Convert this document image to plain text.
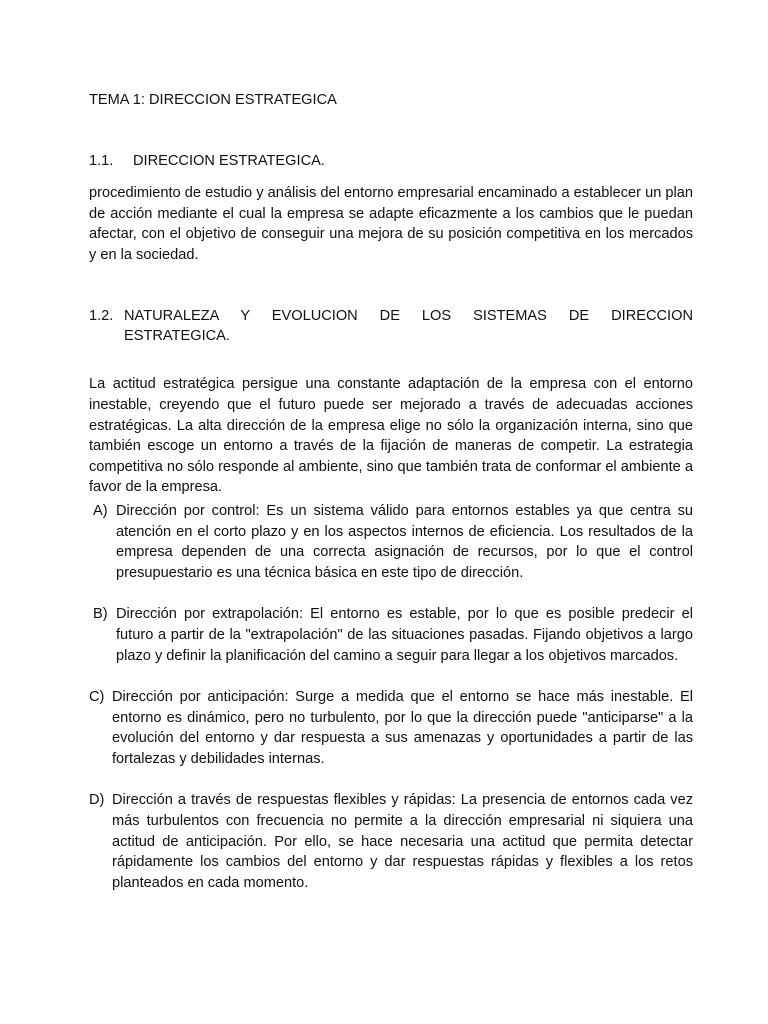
TEMA 1: DIRECCION ESTRATEGICA
1.1.	DIRECCION ESTRATEGICA.

procedimiento de estudio y análisis del entorno empresarial encaminado a establecer un plan de acción mediante el cual la empresa se adapte eficazmente a los cambios que le puedan afectar, con el objetivo de conseguir una mejora de su posición competitiva en los mercados y en la sociedad.

1.2. NATURALEZA Y EVOLUCION DE LOS SISTEMAS DE DIRECCION
ESTRATEGICA.

La actitud estratégica persigue una constante adaptación de la empresa con el entorno inestable, creyendo que el futuro puede ser mejorado a través de adecuadas acciones estratégicas. La alta dirección de la empresa elige no sólo la organización interna, sino que también escoge un entorno a través de la fijación de maneras de competir. La estrategia competitiva no sólo responde al ambiente, sino que también trata de conformar el ambiente a favor de la empresa.

A) Dirección por control: Es un sistema válido para entornos estables ya que centra su atención en el corto plazo y en los aspectos internos de eficiencia. Los resultados de la empresa dependen de una correcta asignación de recursos, por lo que el control presupuestario es una técnica básica en este tipo de dirección.
B) Dirección por extrapolación: El entorno es estable, por lo que es posible predecir el futuro a partir de la "extrapolación" de las situaciones pasadas. Fijando objetivos a largo plazo y definir la planificación del camino a seguir para llegar a los objetivos marcados.
C) Dirección por anticipación: Surge a medida que el entorno se hace más inestable. El entorno es dinámico, pero no turbulento, por lo que la dirección puede "anticiparse" a la evolución del entorno y dar respuesta a sus amenazas y oportunidades a partir de las fortalezas y debilidades internas.
D) Dirección a través de respuestas flexibles y rápidas: La presencia de entornos cada vez más turbulentos con frecuencia no permite a la dirección empresarial ni siquiera una actitud de anticipación. Por ello, se hace necesaria una actitud que permita detectar rápidamente los cambios del entorno y dar respuestas rápidas y flexibles a los retos planteados en cada momento.
